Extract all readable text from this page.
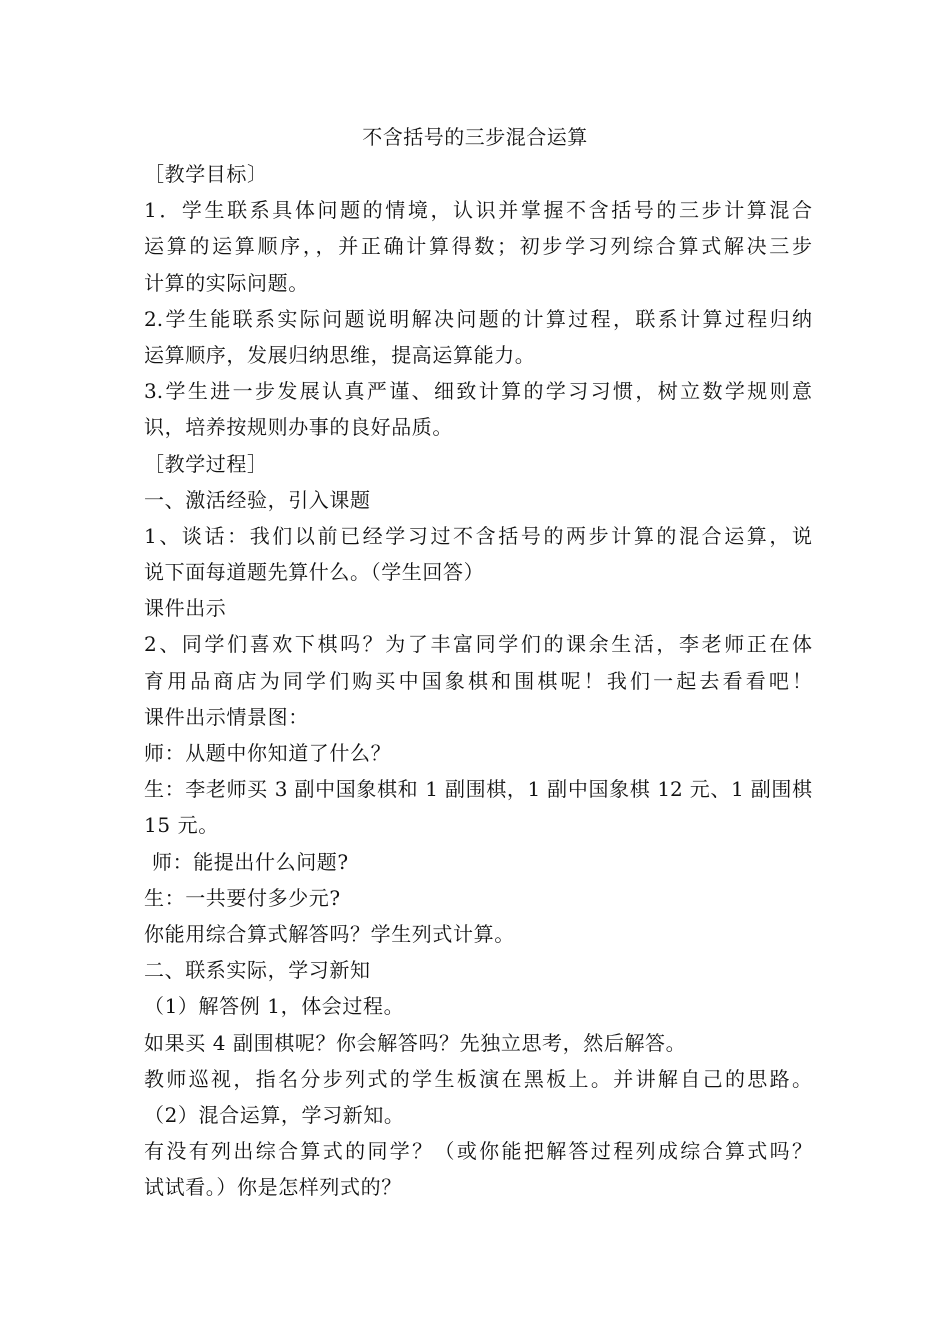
不含括号的三步混合运算
［教学目标〕
1．学生联系具体问题的情境，认识并掌握不含括号的三步计算混合
运算的运算顺序，，并正确计算得数；初步学习列综合算式解决三步
计算的实际问题。
2.学生能联系实际问题说明解决问题的计算过程，联系计算过程归纳
运算顺序，发展归纳思维，提高运算能力。
3.学生进一步发展认真严谨、细致计算的学习习惯，树立数学规则意
识，培养按规则办事的良好品质。
［教学过程］
一、激活经验，引入课题
1、谈话：我们以前已经学习过不含括号的两步计算的混合运算，说
说下面每道题先算什么。（学生回答）
课件出示
2、同学们喜欢下棋吗？为了丰富同学们的课余生活，李老师正在体
育用品商店为同学们购买中国象棋和围棋呢！我们一起去看看吧！
课件出示情景图：
师：从题中你知道了什么？
生：李老师买 3 副中国象棋和 1 副围棋，1 副中国象棋 12 元、1 副围棋
15 元。
师：能提出什么问题?
生：一共要付多少元?
你能用综合算式解答吗？学生列式计算。
二、联系实际，学习新知
（1）解答例 1，体会过程。
如果买 4 副围棋呢？你会解答吗？先独立思考，然后解答。
教师巡视，指名分步列式的学生板演在黑板上。并讲解自己的思路。
（2）混合运算，学习新知。
有没有列出综合算式的同学？（或你能把解答过程列成综合算式吗？
试试看。）你是怎样列式的？
